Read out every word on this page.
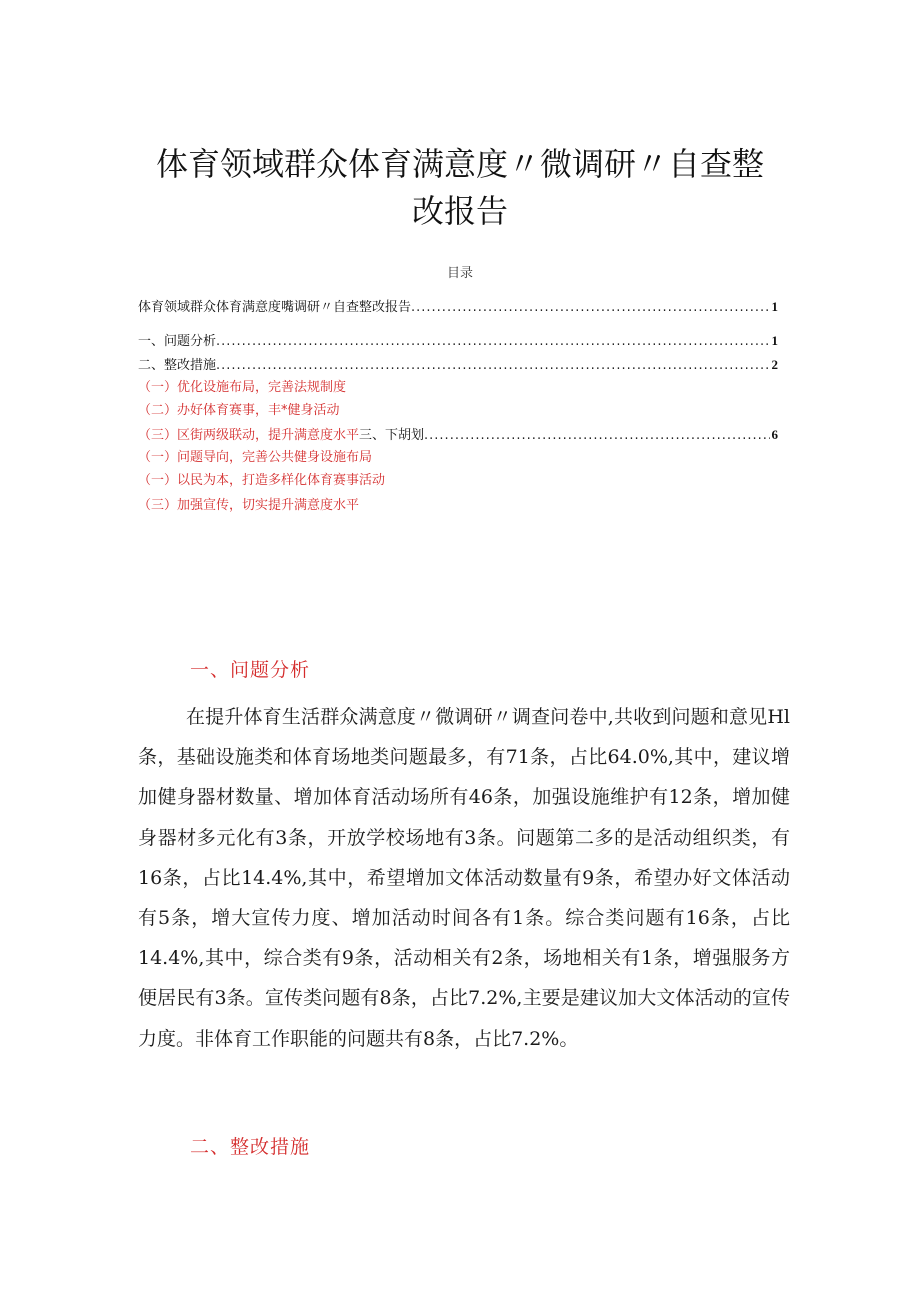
体育领域群众体育满意度〃微调研〃自查整
改报告
目录
体育领域群众体育满意度嘴调研〃自查整改报告 .....	1
一、问题分析 .....	1
二、整改措施 .....	2
（一）优化设施布局，完善法规制度
（二）办好体育赛事，丰*健身活动
（三）区街两级联动，提升满意度水平 三、下胡划 .....	6
（一）问题导向，完善公共健身设施布局
（一）以民为本，打造多样化体育赛事活动
（三）加强宣传，切实提升满意度水平
一、问题分析

在提升体育生活群众满意度〃微调研〃调查问卷中,共收到问题和意见Hl条，基础设施类和体育场地类问题最多，有71条，占比64.0%,其中，建议增加健身器材数量、增加体育活动场所有46条，加强设施维护有12条，增加健身器材多元化有3条，开放学校场地有3条。问题第二多的是活动组织类，有16条，占比14.4%,其中，希望增加文体活动数量有9条，希望办好文体活动有5条，增大宣传力度、增加活动时间各有1条。综合类问题有16条，占比14.4%,其中，综合类有9条，活动相关有2条，场地相关有1条，增强服务方便居民有3条。宣传类问题有8条，占比7.2%,主要是建议加大文体活动的宣传力度。非体育工作职能的问题共有8条，占比7.2%。

二、整改措施
